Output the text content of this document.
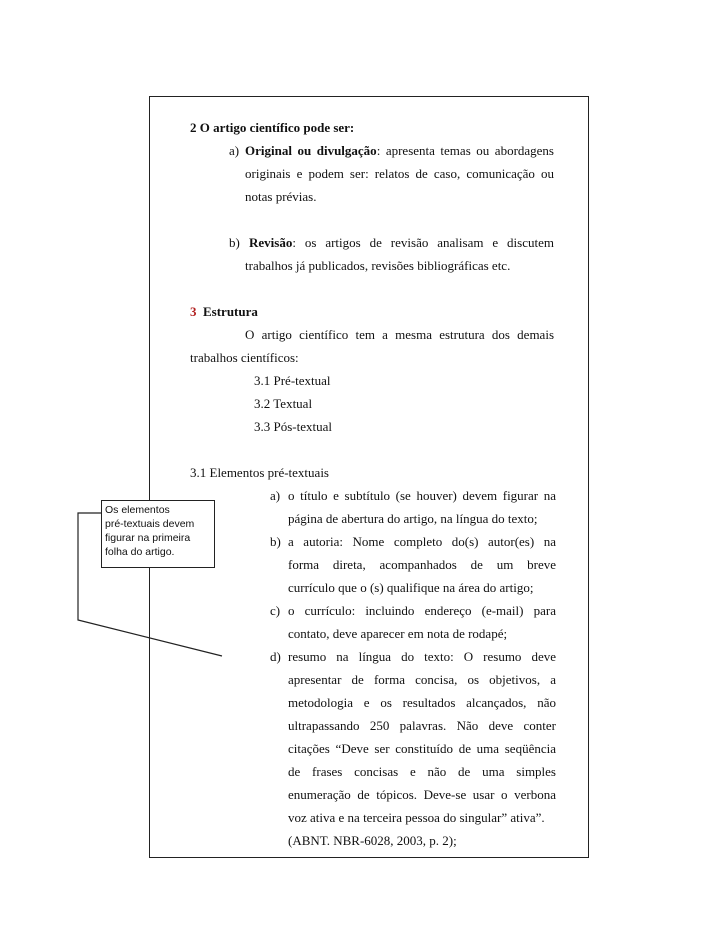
2 O artigo científico pode ser:
a) Original ou divulgação: apresenta temas ou abordagens
originais e podem ser: relatos de caso, comunicação ou
notas prévias.
b) Revisão: os artigos de revisão analisam e discutem
trabalhos já publicados, revisões bibliográficas etc.
3 Estrutura
O artigo científico tem a mesma estrutura dos demais
trabalhos científicos:
3.1 Pré-textual
3.2 Textual
3.3 Pós-textual
3.1 Elementos pré-textuais
a) o título e subtítulo (se houver) devem figurar na
página de abertura do artigo, na língua do texto;
b) a autoria: Nome completo do(s) autor(es) na
forma direta, acompanhados de um breve
currículo que o (s) qualifique na área do artigo;
c) o currículo: incluindo endereço (e-mail) para
contato, deve aparecer em nota de rodapé;
d) resumo na língua do texto: O resumo deve
apresentar de forma concisa, os objetivos, a
metodologia e os resultados alcançados, não
ultrapassando 250 palavras. Não deve conter
citações “Deve ser constituído de uma seqüência
de frases concisas e não de uma simples
enumeração de tópicos. Deve-se usar o verbona
voz ativa e na terceira pessoa do singular” ativa”.
(ABNT. NBR-6028, 2003, p. 2);
Os elementos
pré-textuais devem
figurar na primeira
folha do artigo.
